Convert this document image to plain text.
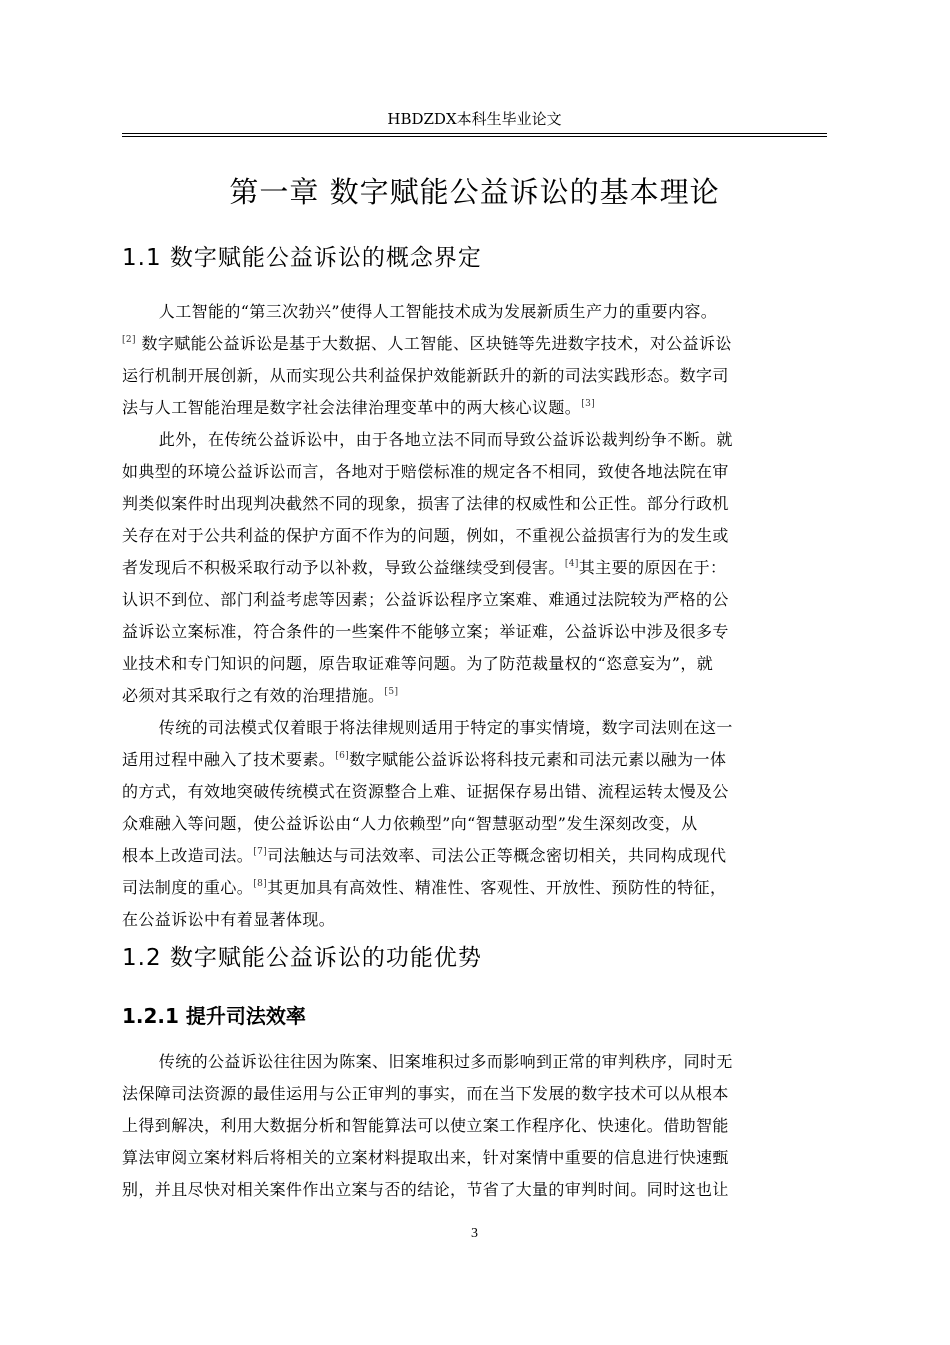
HBDZDX本科生毕业论文
第一章 数字赋能公益诉讼的基本理论
1.1 数字赋能公益诉讼的概念界定
人工智能的“第三次勃兴”使得人工智能技术成为发展新质生产力的重要内容。
[2] 数字赋能公益诉讼是基于大数据、人工智能、区块链等先进数字技术，对公益诉讼
运行机制开展创新，从而实现公共利益保护效能新跃升的新的司法实践形态。数字司
法与人工智能治理是数字社会法律治理变革中的两大核心议题。[3]
此外，在传统公益诉讼中，由于各地立法不同而导致公益诉讼裁判纷争不断。就
如典型的环境公益诉讼而言，各地对于赔偿标准的规定各不相同，致使各地法院在审
判类似案件时出现判决截然不同的现象，损害了法律的权威性和公正性。部分行政机
关存在对于公共利益的保护方面不作为的问题，例如，不重视公益损害行为的发生或
者发现后不积极采取行动予以补救，导致公益继续受到侵害。[4]其主要的原因在于：
认识不到位、部门利益考虑等因素；公益诉讼程序立案难、难通过法院较为严格的公
益诉讼立案标准，符合条件的一些案件不能够立案；举证难，公益诉讼中涉及很多专
业技术和专门知识的问题，原告取证难等问题。为了防范裁量权的“恣意妄为”，就
必须对其采取行之有效的治理措施。[5]
传统的司法模式仅着眼于将法律规则适用于特定的事实情境，数字司法则在这一
适用过程中融入了技术要素。[6]数字赋能公益诉讼将科技元素和司法元素以融为一体
的方式，有效地突破传统模式在资源整合上难、证据保存易出错、流程运转太慢及公
众难融入等问题，使公益诉讼由“人力依赖型”向“智慧驱动型”发生深刻改变，从
根本上改造司法。[7]司法触达与司法效率、司法公正等概念密切相关，共同构成现代
司法制度的重心。[8]其更加具有高效性、精准性、客观性、开放性、预防性的特征，
在公益诉讼中有着显著体现。
1.2 数字赋能公益诉讼的功能优势
1.2.1 提升司法效率
传统的公益诉讼往往因为陈案、旧案堆积过多而影响到正常的审判秩序，同时无
法保障司法资源的最佳运用与公正审判的事实，而在当下发展的数字技术可以从根本
上得到解决，利用大数据分析和智能算法可以使立案工作程序化、快速化。借助智能
算法审阅立案材料后将相关的立案材料提取出来，针对案情中重要的信息进行快速甄
别，并且尽快对相关案件作出立案与否的结论，节省了大量的审判时间。同时这也让
3
